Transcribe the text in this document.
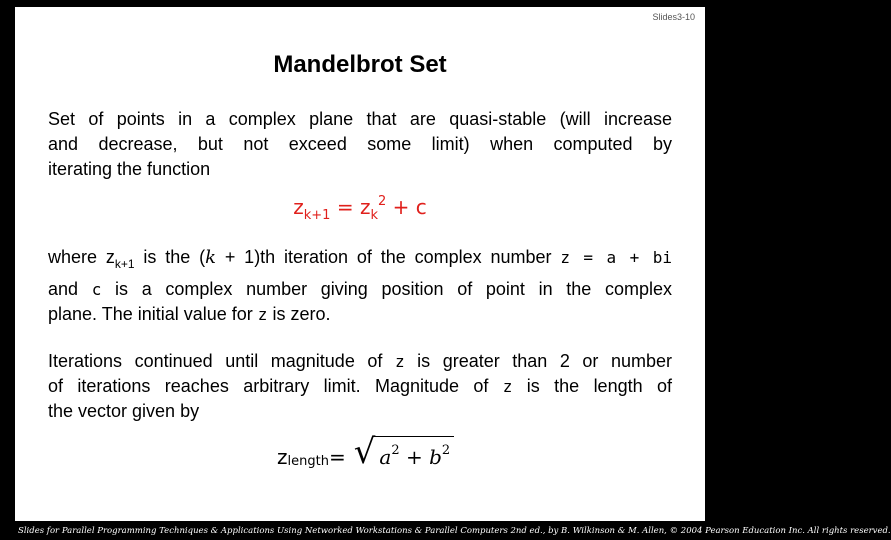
Slides3-10
Mandelbrot Set

Set of points in a complex plane that are quasi-stable (will increase
and decrease, but not exceed some limit) when computed by
iterating the function

$z_{k+1} = z_k^2 + c$

where $z_{k+1}$ is the (k + 1)th iteration of the complex number z = a + bi
and c is a complex number giving position of point in the complex
plane. The initial value for z is zero.

Iterations continued until magnitude of z is greater than 2 or number
of iterations reaches arbitrary limit. Magnitude of z is the length of
the vector given by

z length = √ $a^2 + b^2$
Slides for Parallel Programming Techniques & Applications Using Networked Workstations & Parallel Computers 2nd ed., by B. Wilkinson & M. Allen, © 2004 Pearson Education Inc. All rights reserved.
